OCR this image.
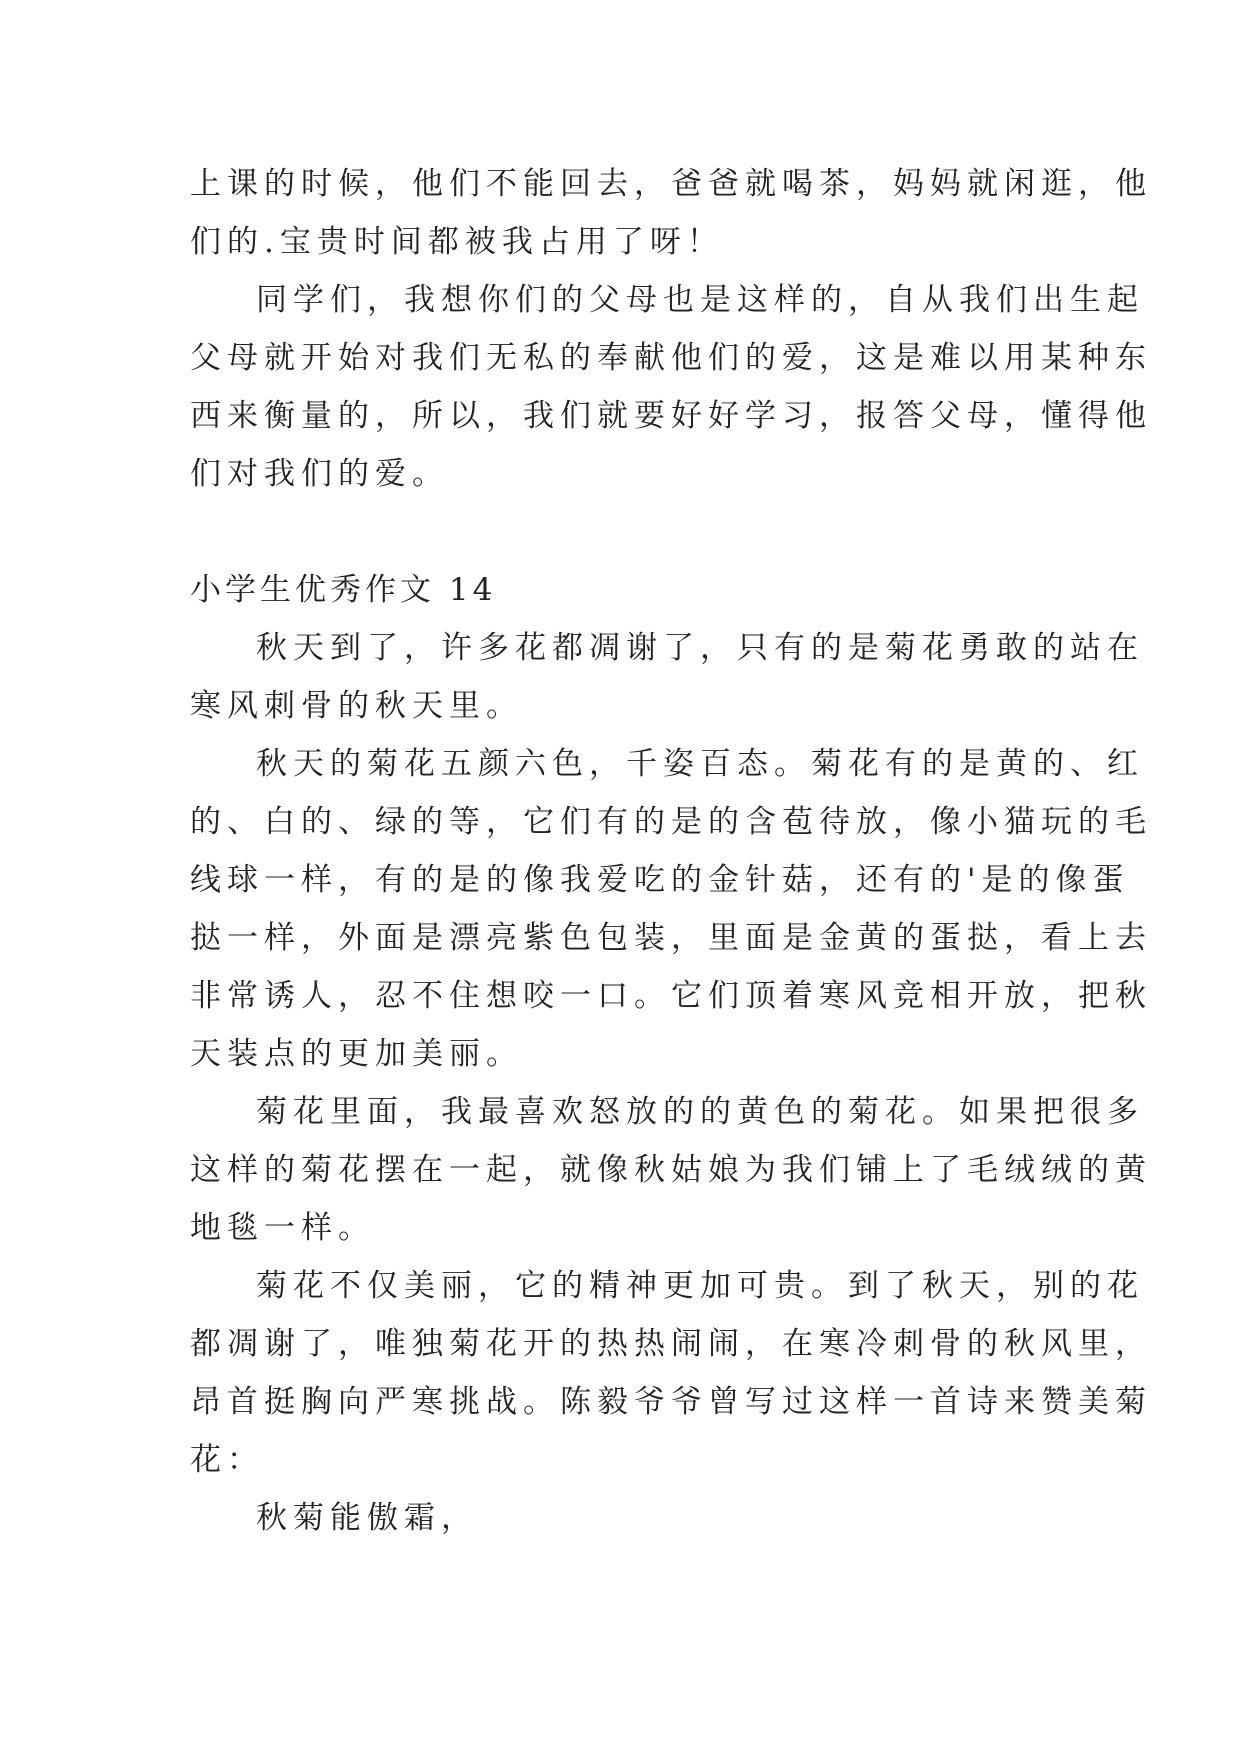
上课的时候，他们不能回去，爸爸就喝茶，妈妈就闲逛，他
们的.宝贵时间都被我占用了呀！
同学们，我想你们的父母也是这样的，自从我们出生起
父母就开始对我们无私的奉献他们的爱，这是难以用某种东
西来衡量的，所以，我们就要好好学习，报答父母，懂得他
们对我们的爱。
小学生优秀作文 14
秋天到了，许多花都凋谢了，只有的是菊花勇敢的站在
寒风刺骨的秋天里。
秋天的菊花五颜六色，千姿百态。菊花有的是黄的、红
的、白的、绿的等，它们有的是的含苞待放，像小猫玩的毛
线球一样，有的是的像我爱吃的金针菇，还有的'是的像蛋
挞一样，外面是漂亮紫色包装，里面是金黄的蛋挞，看上去
非常诱人，忍不住想咬一口。它们顶着寒风竞相开放，把秋
天装点的更加美丽。
菊花里面，我最喜欢怒放的的黄色的菊花。如果把很多
这样的菊花摆在一起，就像秋姑娘为我们铺上了毛绒绒的黄
地毯一样。
菊花不仅美丽，它的精神更加可贵。到了秋天，别的花
都凋谢了，唯独菊花开的热热闹闹，在寒冷刺骨的秋风里，
昂首挺胸向严寒挑战。陈毅爷爷曾写过这样一首诗来赞美菊
花：
秋菊能傲霜，
